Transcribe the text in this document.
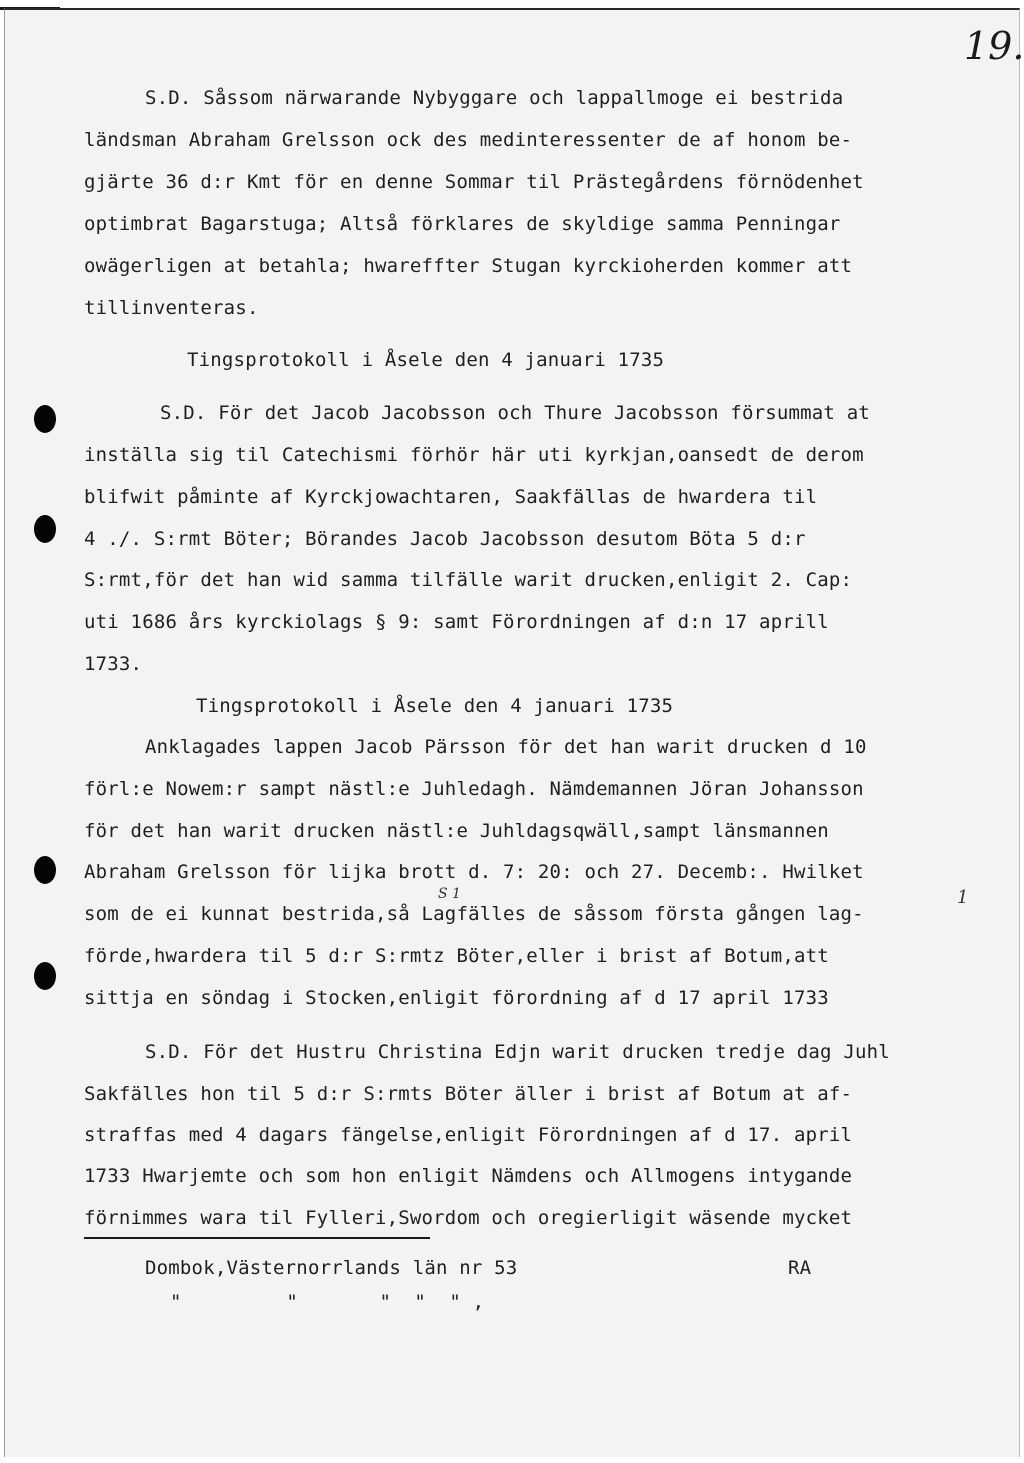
19.
S.D. Såssom närwarande Nybyggare och lappallmoge ei bestrida
ländsman Abraham Grelsson ock des medinteressenter de af honom be-
gjärte 36 d:r Kmt för en denne Sommar til Prästegårdens förnödenhet
optimbrat Bagarstuga; Altså förklares de skyldige samma Penningar
owägerligen at betahla; hwareffter Stugan kyrckioherden kommer att
tillinventeras.
Tingsprotokoll i Åsele den 4 januari 1735
S.D. För det Jacob Jacobsson och Thure Jacobsson försummat at
inställa sig til Catechismi förhör här uti kyrkjan,oansedt de derom
blifwit påminte af Kyrckjowachtaren, Saakfällas de hwardera til
4 ./. S:rmt Böter; Börandes Jacob Jacobsson desutom Böta 5 d:r
S:rmt,för det han wid samma tilfälle warit drucken,enligit 2. Cap:
uti 1686 års kyrckiolags § 9: samt Förordningen af d:n 17 aprill
1733.
Tingsprotokoll i Åsele den 4 januari 1735
Anklagades lappen Jacob Pärsson för det han warit drucken d 10
förl:e Nowem:r sampt nästl:e Juhledagh. Nämdemannen Jöran Johansson
för det han warit drucken nästl:e Juhldagsqwäll,sampt länsmannen
Abraham Grelsson för lijka brott d. 7: 20: och 27. Decemb:. Hwilket
S 1
som de ei kunnat bestrida,så Lagfälles de såssom första gången lag-
1
förde,hwardera til 5 d:r S:rmtz Böter,eller i brist af Botum,att
sittja en söndag i Stocken,enligit förordning af d 17 april 1733
S.D. För det Hustru Christina Edjn warit drucken tredje dag Juhl
Sakfälles hon til 5 d:r S:rmts Böter äller i brist af Botum at af-
straffas med 4 dagars fängelse,enligit Förordningen af d 17. april
1733 Hwarjemte och som hon enligit Nämdens och Allmogens intygande
förnimmes wara til Fylleri,Swordom och oregierligit wäsende mycket
Dombok,Västernorrlands län nr 53	RA
"         "       "  "  " ,
